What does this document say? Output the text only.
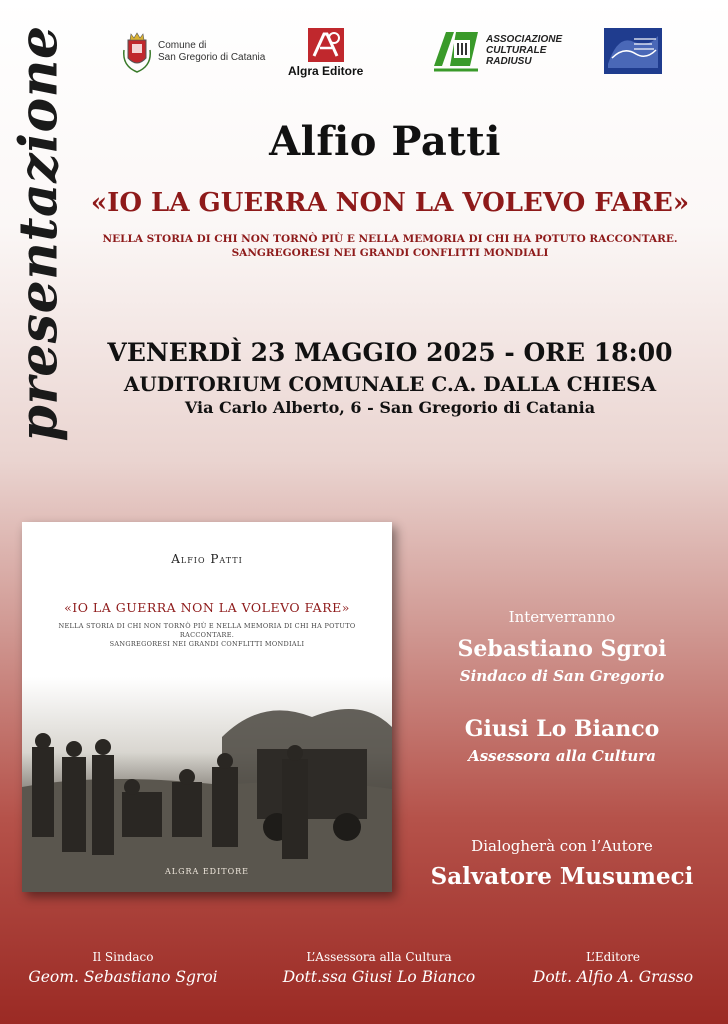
presentazione	Comune di
San Gregorio di Catania
Algra Editore
ASSOCIAZIONE
CULTURALE
RADIUSU
Alfio Patti
«IO LA GUERRA NON LA VOLEVO FARE»
NELLA STORIA DI CHI NON TORNÒ PIÙ E NELLA MEMORIA DI CHI HA POTUTO RACCONTARE.
SANGREGORESI NEI GRANDI CONFLITTI MONDIALI
VENERDÌ 23 MAGGIO 2025 - ORE 18:00
AUDITORIUM COMUNALE C.A. DALLA CHIESA
Via Carlo Alberto, 6 - San Gregorio di Catania
Alfio Patti
«IO LA GUERRA NON LA VOLEVO FARE»
NELLA STORIA DI CHI NON TORNÒ PIÙ E NELLA MEMORIA DI CHI HA POTUTO RACCONTARE.
SANGREGORESI NEI GRANDI CONFLITTI MONDIALI
ALGRA EDITORE
Interverranno
Sebastiano Sgroi
Sindaco di San Gregorio
Giusi Lo Bianco
Assessora alla Cultura
Dialogherà con l’Autore
Salvatore Musumeci
Il Sindaco
Geom. Sebastiano Sgroi
L’Assessora alla Cultura
Dott.ssa Giusi Lo Bianco
L’Editore
Dott. Alfio A. Grasso
